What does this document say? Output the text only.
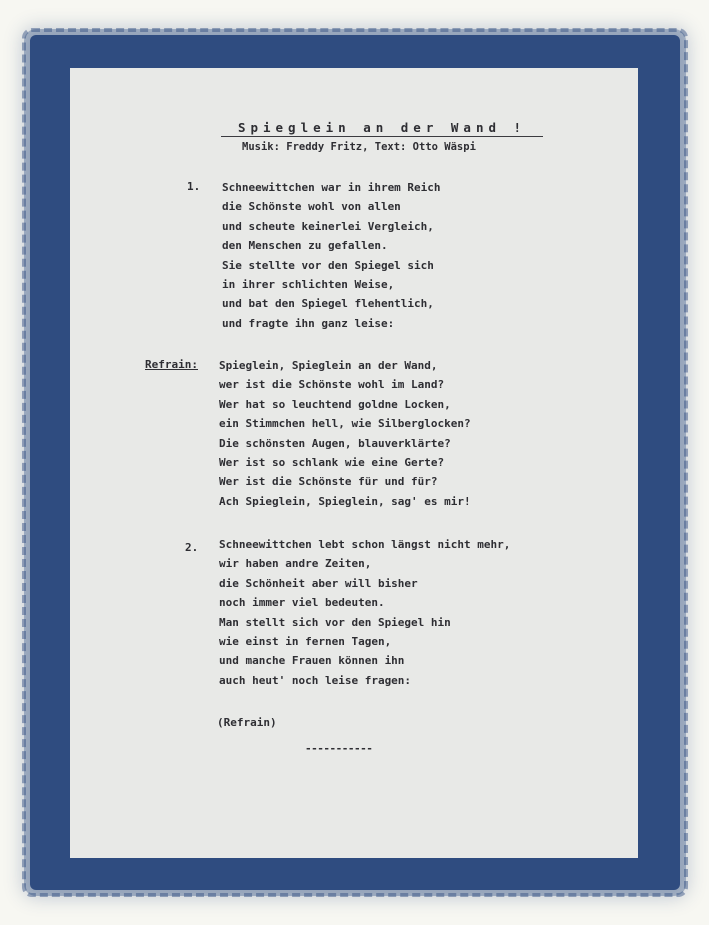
Spieglein an der Wand !
Musik: Freddy Fritz, Text: Otto Wäspi
1. Schneewittchen war in ihrem Reich
die Schönste wohl von allen
und scheute keinerlei Vergleich,
den Menschen zu gefallen.
Sie stellte vor den Spiegel sich
in ihrer schlichten Weise,
und bat den Spiegel flehentlich,
und fragte ihn ganz leise:
Refrain: Spieglein, Spieglein an der Wand,
wer ist die Schönste wohl im Land?
Wer hat so leuchtend goldne Locken,
ein Stimmchen hell, wie Silberglocken?
Die schönsten Augen, blauverklärte?
Wer ist so schlank wie eine Gerte?
Wer ist die Schönste für und für?
Ach Spieglein, Spieglein, sag' es mir!
2. Schneewittchen lebt schon längst nicht mehr,
wir haben andre Zeiten,
die Schönheit aber will bisher
noch immer viel bedeuten.
Man stellt sich vor den Spiegel hin
wie einst in fernen Tagen,
und manche Frauen können ihn
auch heut' noch leise fragen:
(Refrain)
-----------
